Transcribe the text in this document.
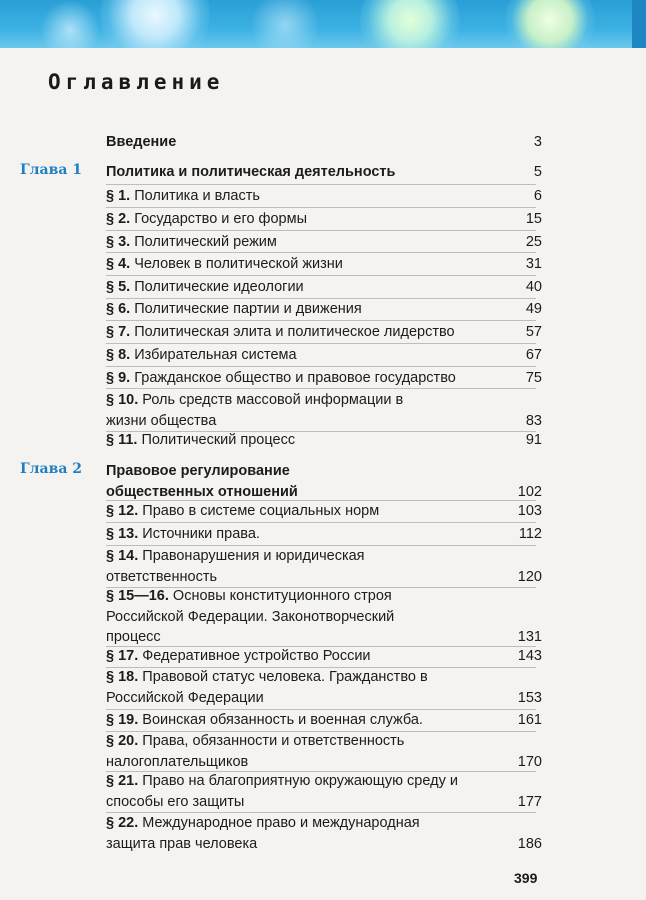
Оглавление
Глава 1
Глава 2
Введение	3
Политика и политическая деятельность	5
§ 1. Политика и власть	6
§ 2. Государство и его формы	15
§ 3. Политический режим	25
§ 4. Человек в политической жизни	31
§ 5. Политические идеологии	40
§ 6. Политические партии и движения	49
§ 7. Политическая элита и политическое лидерство	57
§ 8. Избирательная система	67
§ 9. Гражданское общество и правовое государство	75
§ 10. Роль средств массовой информации в жизни общества	83
§ 11. Политический процесс	91
Правовое регулирование общественных отношений	102
§ 12. Право в системе социальных норм	103
§ 13. Источники права.	112
§ 14. Правонарушения и юридическая ответственность	120
§ 15—16. Основы конституционного строя Российской Федерации. Законотворческий процесс	131
§ 17. Федеративное устройство России	143
§ 18. Правовой статус человека. Гражданство в Российской Федерации	153
§ 19. Воинская обязанность и военная служба.	161
§ 20. Права, обязанности и ответственность налогоплательщиков	170
§ 21. Право на благоприятную окружающую среду и способы его защиты	177
§ 22. Международное право и международная защита прав человека	186
399
